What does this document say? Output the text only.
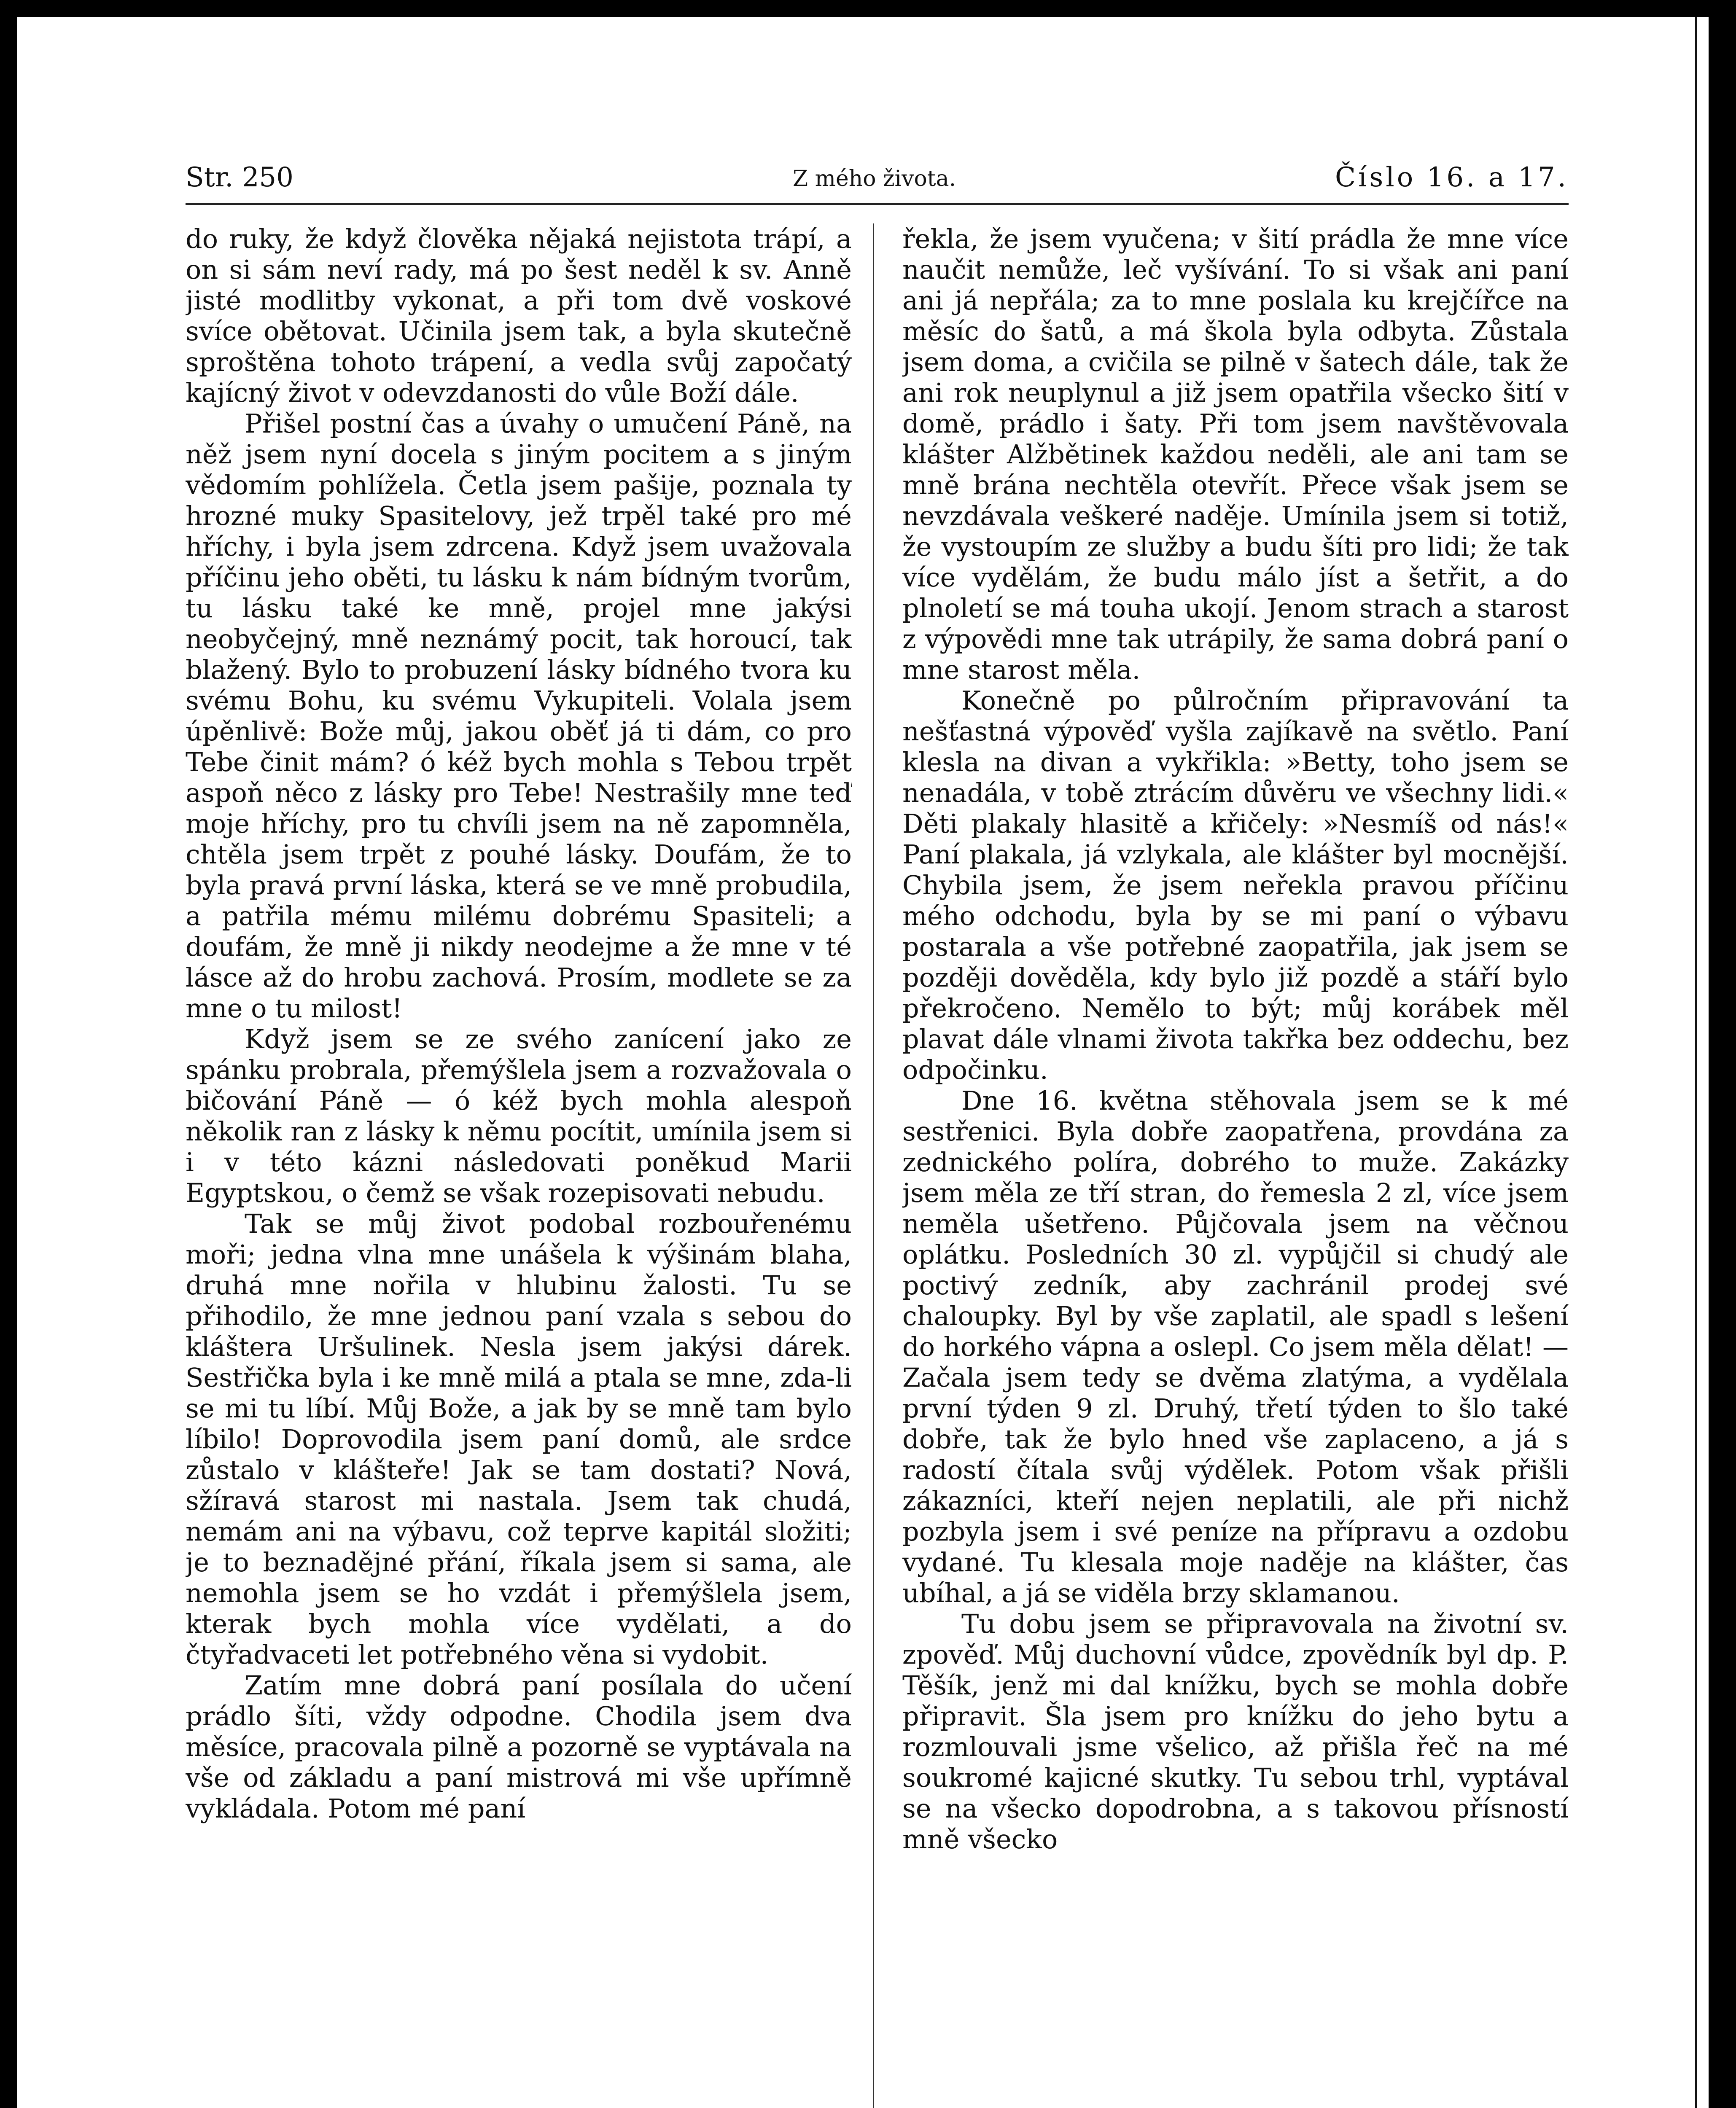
Str. 250	Z mého života.	Číslo 16. a 17.

do ruky, že když člověka nějaká nejistota trápí, a on si sám neví rady, má po šest neděl k sv. Anně jisté modlitby vykonat, a při tom dvě voskové svíce obětovat. Učinila jsem tak, a byla skutečně sproštěna tohoto trápení, a vedla svůj započatý kajícný život v odevzdanosti do vůle Boží dále.

Přišel postní čas a úvahy o umučení Páně, na něž jsem nyní docela s jiným pocitem a s jiným vědomím pohlížela. Četla jsem pašije, poznala ty hrozné muky Spasitelovy, jež trpěl také pro mé hříchy, i byla jsem zdrcena. Když jsem uvažovala příčinu jeho oběti, tu lásku k nám bídným tvorům, tu lásku také ke mně, projel mne jakýsi neobyčejný, mně neznámý pocit, tak horoucí, tak blažený. Bylo to probuzení lásky bídného tvora ku svému Bohu, ku svému Vykupiteli. Volala jsem úpěnlivě: Bože můj, jakou oběť já ti dám, co pro Tebe činit mám? ó kéž bych mohla s Tebou trpět aspoň něco z lásky pro Tebe! Nestrašily mne teď moje hříchy, pro tu chvíli jsem na ně zapomněla, chtěla jsem trpět z pouhé lásky. Doufám, že to byla pravá první láska, která se ve mně probudila, a patřila mému milému dobrému Spasiteli; a doufám, že mně ji nikdy neodejme a že mne v té lásce až do hrobu zachová. Prosím, modlete se za mne o tu milost!

Když jsem se ze svého zanícení jako ze spánku probrala, přemýšlela jsem a rozvažovala o bičování Páně — ó kéž bych mohla alespoň několik ran z lásky k němu pocítit, umínila jsem si i v této kázni následovati poněkud Marii Egyptskou, o čemž se však rozepisovati nebudu.

Tak se můj život podobal rozbouřenému moři; jedna vlna mne unášela k výšinám blaha, druhá mne nořila v hlubinu žalosti. Tu se přihodilo, že mne jednou paní vzala s sebou do kláštera Uršulinek. Nesla jsem jakýsi dárek. Sestřička byla i ke mně milá a ptala se mne, zda-li se mi tu líbí. Můj Bože, a jak by se mně tam bylo líbilo! Doprovodila jsem paní domů, ale srdce zůstalo v klášteře! Jak se tam dostati? Nová, sžíravá starost mi nastala. Jsem tak chudá, nemám ani na výbavu, což teprve kapitál složiti; je to beznadějné přání, říkala jsem si sama, ale nemohla jsem se ho vzdát i přemýšlela jsem, kterak bych mohla více vydělati, a do čtyřadvaceti let potřebného věna si vydobit.

Zatím mne dobrá paní posílala do učení prádlo šíti, vždy odpodne. Chodila jsem dva měsíce, pracovala pilně a pozorně se vyptávala na vše od základu a paní mistrová mi vše upřímně vykládala. Potom mé paní

řekla, že jsem vyučena; v šití prádla že mne více naučit nemůže, leč vyšívání. To si však ani paní ani já nepřála; za to mne poslala ku krejčířce na měsíc do šatů, a má škola byla odbyta. Zůstala jsem doma, a cvičila se pilně v šatech dále, tak že ani rok neuplynul a již jsem opatřila všecko šití v domě, prádlo i šaty. Při tom jsem navštěvovala klášter Alžbětinek každou neděli, ale ani tam se mně brána nechtěla otevřít. Přece však jsem se nevzdávala veškeré naděje. Umínila jsem si totiž, že vystoupím ze služby a budu šíti pro lidi; že tak více vydělám, že budu málo jíst a šetřit, a do plnoletí se má touha ukojí. Jenom strach a starost z výpovědi mne tak utrápily, že sama dobrá paní o mne starost měla.

Konečně po půlročním připravování ta nešťastná výpověď vyšla zajíkavě na světlo. Paní klesla na divan a vykřikla: »Betty, toho jsem se nenadála, v tobě ztrácím důvěru ve všechny lidi.« Děti plakaly hlasitě a křičely: »Nesmíš od nás!« Paní plakala, já vzlykala, ale klášter byl mocnější. Chybila jsem, že jsem neřekla pravou příčinu mého odchodu, byla by se mi paní o výbavu postarala a vše potřebné zaopatřila, jak jsem se později dověděla, kdy bylo již pozdě a stáří bylo překročeno. Nemělo to být; můj korábek měl plavat dále vlnami života takřka bez oddechu, bez odpočinku.

Dne 16. května stěhovala jsem se k mé sestřenici. Byla dobře zaopatřena, provdána za zednického políra, dobrého to muže. Zakázky jsem měla ze tří stran, do řemesla 2 zl, více jsem neměla ušetřeno. Půjčovala jsem na věčnou oplátku. Posledních 30 zl. vypůjčil si chudý ale poctivý zedník, aby zachránil prodej své chaloupky. Byl by vše zaplatil, ale spadl s lešení do horkého vápna a oslepl. Co jsem měla dělat! — Začala jsem tedy se dvěma zlatýma, a vydělala první týden 9 zl. Druhý, třetí týden to šlo také dobře, tak že bylo hned vše zaplaceno, a já s radostí čítala svůj výdělek. Potom však přišli zákazníci, kteří nejen neplatili, ale při nichž pozbyla jsem i své peníze na přípravu a ozdobu vydané. Tu klesala moje naděje na klášter, čas ubíhal, a já se viděla brzy sklamanou.

Tu dobu jsem se připravovala na životní sv. zpověď. Můj duchovní vůdce, zpovědník byl dp. P. Těšík, jenž mi dal knížku, bych se mohla dobře připravit. Šla jsem pro knížku do jeho bytu a rozmlouvali jsme všelico, až přišla řeč na mé soukromé kajicné skutky. Tu sebou trhl, vyptával se na všecko dopodrobna, a s takovou přísností mně všecko
